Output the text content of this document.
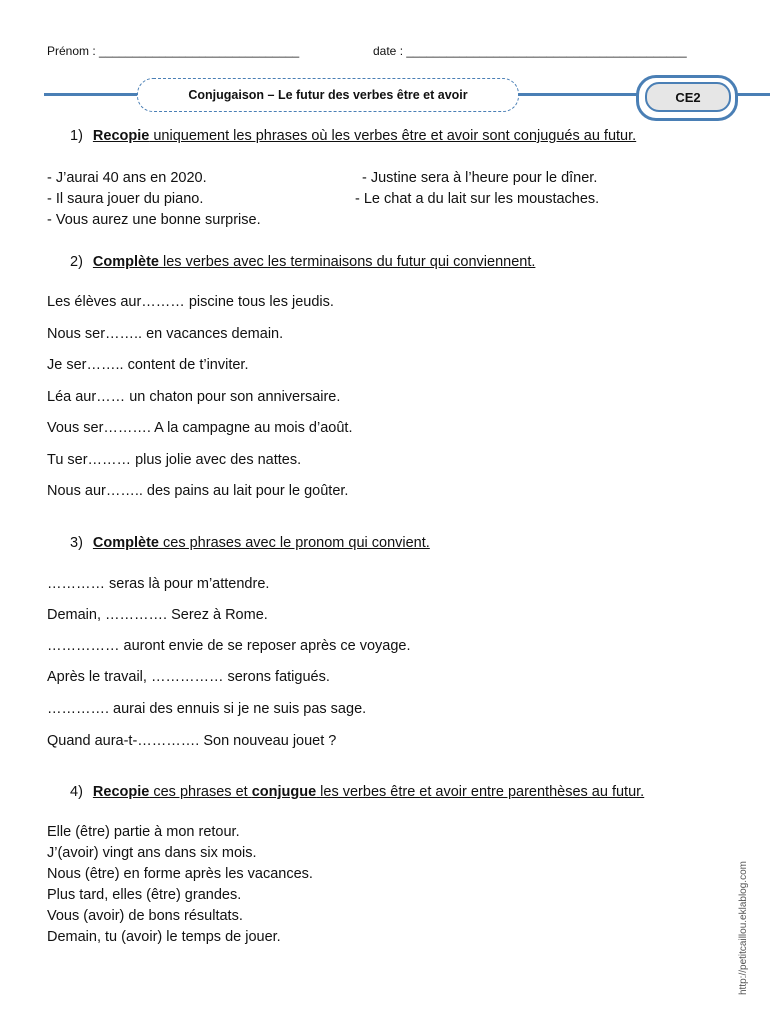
Prénom : ______________________________	date : __________________________________________
Conjugaison – Le futur des verbes être et avoir	CE2
1) Recopie uniquement les phrases où les verbes être et avoir sont conjugués au futur.
- J’aurai 40 ans en 2020.
- Il saura jouer du piano.
- Vous aurez une bonne surprise.
- Justine sera à l’heure pour le dîner.
- Le chat a du lait sur les moustaches.
2) Complète les verbes avec les terminaisons du futur qui conviennent.
Les élèves aur……… piscine tous les jeudis.
Nous ser…….. en vacances demain.
Je ser…….. content de t’inviter.
Léa aur…… un chaton pour son anniversaire.
Vous ser………. A la campagne au mois d’août.
Tu ser……… plus jolie avec des nattes.
Nous aur…….. des pains au lait pour le goûter.
3) Complète ces phrases avec le pronom qui convient.
………… seras là pour m’attendre.
Demain, …………. Serez à Rome.
…………… auront envie de se reposer après ce voyage.
Après le travail, …………… serons fatigués.
…………. aurai des ennuis si je ne suis pas sage.
Quand aura-t-…………. Son nouveau jouet ?
4) Recopie ces phrases et conjugue les verbes être et avoir entre parenthèses au futur.
Elle (être) partie à mon retour.
J’(avoir) vingt ans dans six mois.
Nous (être) en forme après les vacances.
Plus tard, elles (être) grandes.
Vous (avoir) de bons résultats.
Demain, tu (avoir) le temps de jouer.	http://petitcaillou.eklablog.com
